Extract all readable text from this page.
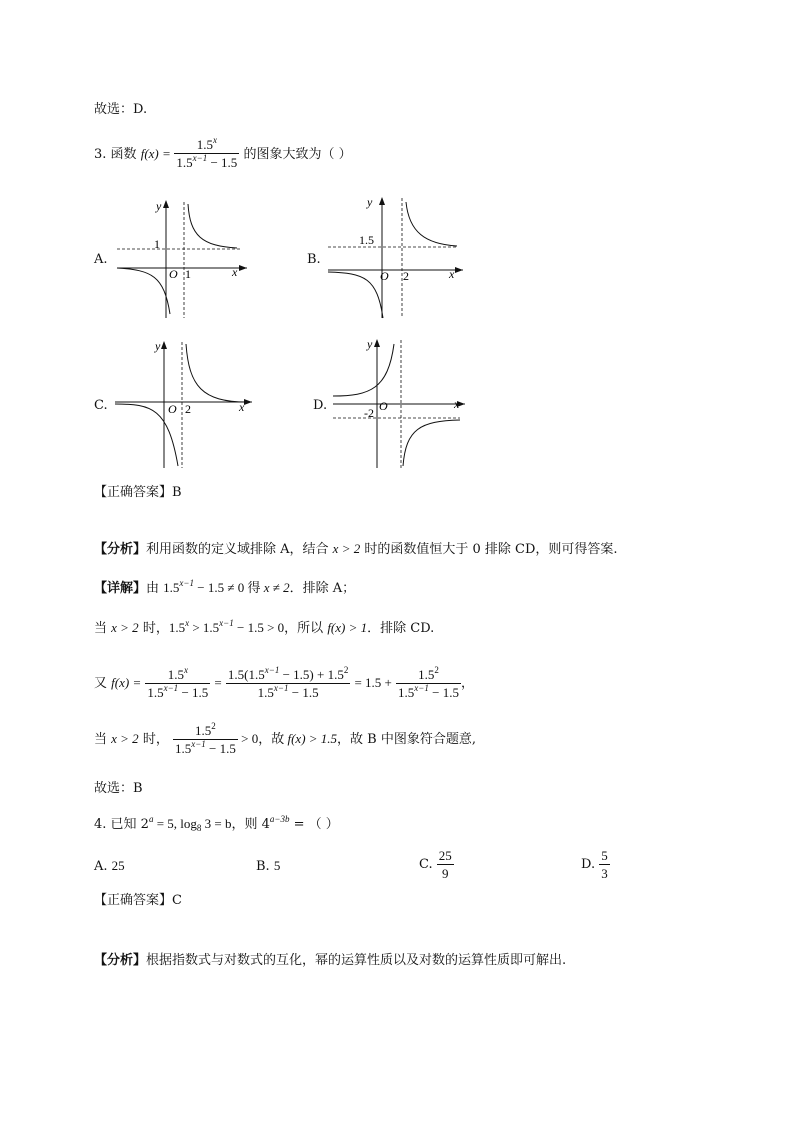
故选：D.
3. 函数 $f(x) = \frac{1.5^x}{1.5^{x-1} - 1.5}$ 的图象大致为（ ）
A.
y
1
O 1	x
B.
y
1.5
O 2	x
C.
y
O 2	x	D.
y
-2 O	x
【正确答案】B
【分析】利用函数的定义域排除 A，结合 x > 2 时的函数值恒大于 0 排除 CD，则可得答案.
【详解】由 $1.5^{x-1} - 1.5 \ne 0$ 得 x ≠ 2．排除 A；
当 x > 2 时，$1.5^x > 1.5^{x-1} - 1.5 > 0$，所以 f(x) > 1．排除 CD.
又 $f(x) = \frac{1.5^x}{1.5^{x-1} - 1.5} = \frac{1.5(1.5^{x-1} - 1.5) + 1.5^2}{1.5^{x-1} - 1.5} = 1.5 + \frac{1.5^2}{1.5^{x-1} - 1.5}$ ，
当 x > 2 时， $\frac{1.5^2}{1.5^{x-1} - 1.5} > 0$，故 f(x) > 1.5，故 B 中图象符合题意,
故选：B
4. 已知 $2^a = 5$, $\log_8 3 = b$，则 $4^{a-3b}$ = （ ）
A. 25	B. 5	C. $\frac{25}{9}$	D. $\frac{5}{3}$
【正确答案】C
【分析】根据指数式与对数式的互化，幂的运算性质以及对数的运算性质即可解出.
